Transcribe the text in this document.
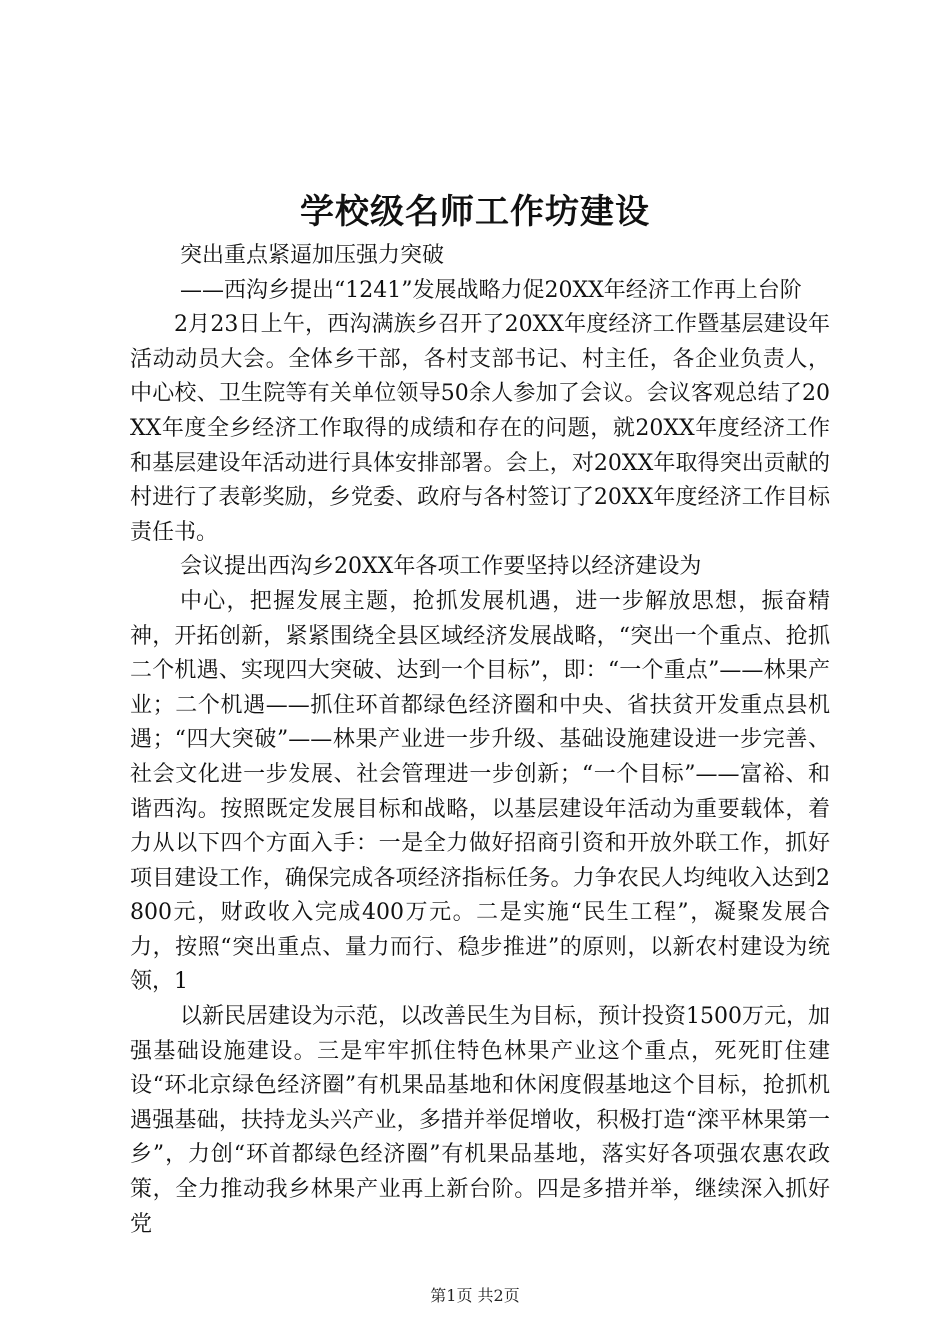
学校级名师工作坊建设

突出重点紧逼加压强力突破

——西沟乡提出“1241”发展战略力促20XX年经济工作再上台阶

2月23日上午，西沟满族乡召开了20XX年度经济工作暨基层建设年活动动员大会。全体乡干部，各村支部书记、村主任，各企业负责人，中心校、卫生院等有关单位领导50余人参加了会议。会议客观总结了20XX年度全乡经济工作取得的成绩和存在的问题，就20XX年度经济工作和基层建设年活动进行具体安排部署。会上，对20XX年取得突出贡献的村进行了表彰奖励，乡党委、政府与各村签订了20XX年度经济工作目标责任书。

会议提出西沟乡20XX年各项工作要坚持以经济建设为

中心，把握发展主题，抢抓发展机遇，进一步解放思想，振奋精神，开拓创新，紧紧围绕全县区域经济发展战略，“突出一个重点、抢抓二个机遇、实现四大突破、达到一个目标”，即：“一个重点”——林果产业；二个机遇——抓住环首都绿色经济圈和中央、省扶贫开发重点县机遇；“四大突破”——林果产业进一步升级、基础设施建设进一步完善、社会文化进一步发展、社会管理进一步创新；“一个目标”——富裕、和谐西沟。按照既定发展目标和战略，以基层建设年活动为重要载体，着力从以下四个方面入手：一是全力做好招商引资和开放外联工作，抓好项目建设工作，确保完成各项经济指标任务。力争农民人均纯收入达到2800元，财政收入完成400万元。二是实施“民生工程”，凝聚发展合力，按照“突出重点、量力而行、稳步推进”的原则，以新农村建设为统领，1

以新民居建设为示范，以改善民生为目标，预计投资1500万元，加强基础设施建设。三是牢牢抓住特色林果产业这个重点，死死盯住建设“环北京绿色经济圈”有机果品基地和休闲度假基地这个目标，抢抓机遇强基础，扶持龙头兴产业，多措并举促增收，积极打造“滦平林果第一乡”，力创“环首都绿色经济圈”有机果品基地，落实好各项强农惠农政策，全力推动我乡林果产业再上新台阶。四是多措并举，继续深入抓好党

第1页 共2页
